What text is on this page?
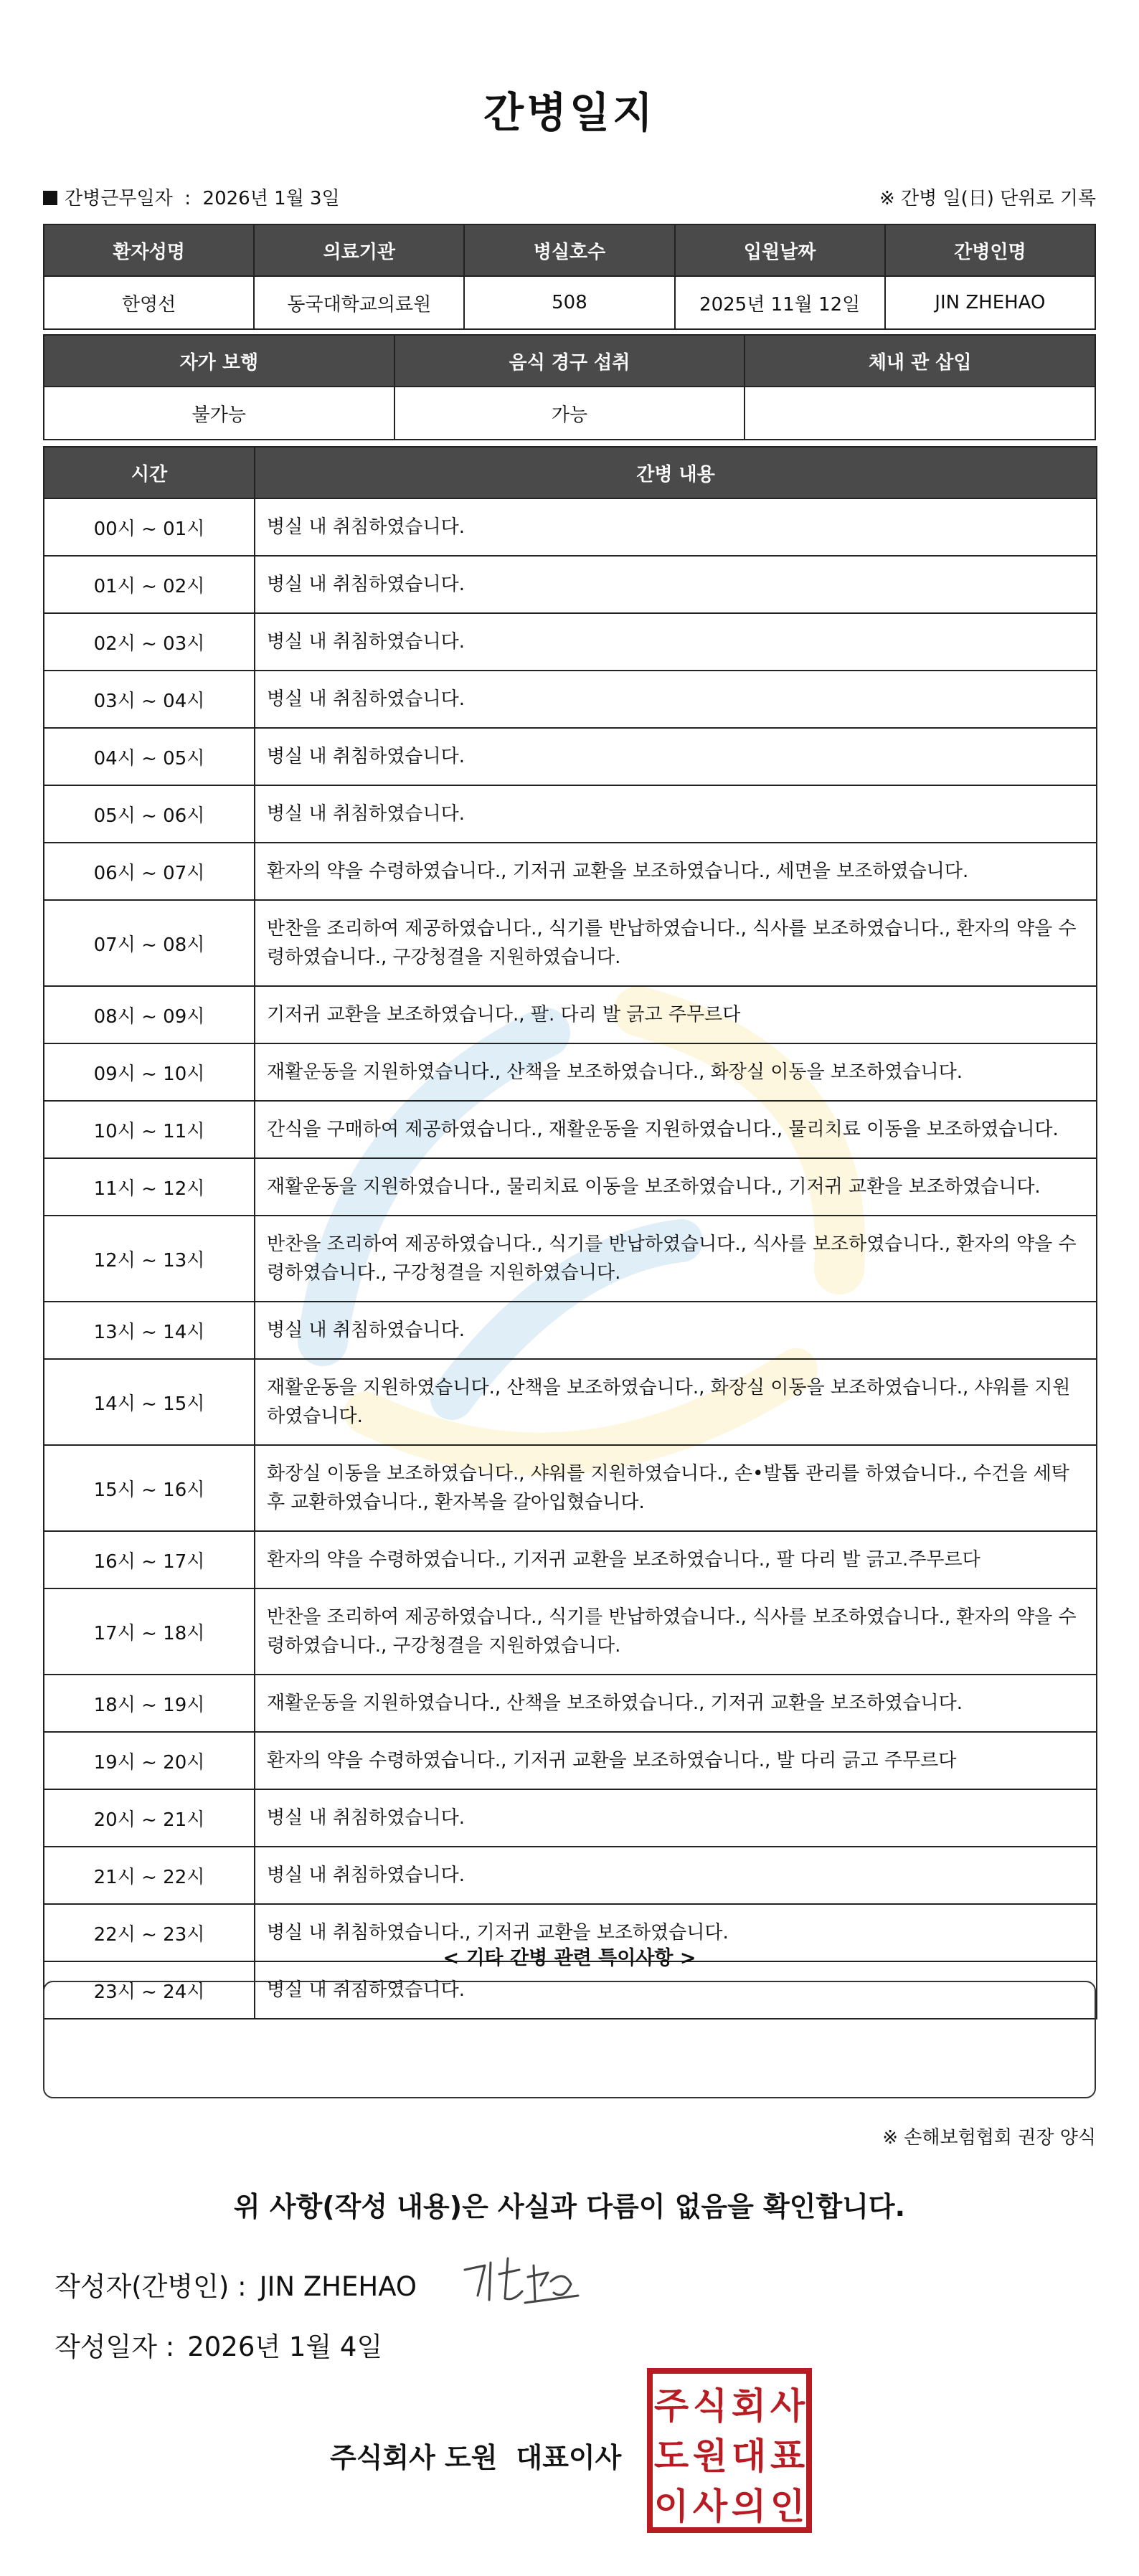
간병일지
간병근무일자  :  2026년 1월 3일	※ 간병 일(日) 단위로 기록
환자성명	의료기관	병실호수	입원날짜	간병인명
한영선	동국대학교의료원	508	2025년 11월 12일	JIN ZHEHAO
자가 보행	음식 경구 섭취	체내 관 삽입
불가능	가능	
시간	간병 내용
00시 ~ 01시	병실 내 취침하였습니다.
01시 ~ 02시	병실 내 취침하였습니다.
02시 ~ 03시	병실 내 취침하였습니다.
03시 ~ 04시	병실 내 취침하였습니다.
04시 ~ 05시	병실 내 취침하였습니다.
05시 ~ 06시	병실 내 취침하였습니다.
06시 ~ 07시	환자의 약을 수령하였습니다., 기저귀 교환을 보조하였습니다., 세면을 보조하였습니다.
07시 ~ 08시	반찬을 조리하여 제공하였습니다., 식기를 반납하였습니다., 식사를 보조하였습니다., 환자의 약을 수령하였습니다., 구강청결을 지원하였습니다.
08시 ~ 09시	기저귀 교환을 보조하였습니다., 팔. 다리 발 긁고 주무르다
09시 ~ 10시	재활운동을 지원하였습니다., 산책을 보조하였습니다., 화장실 이동을 보조하였습니다.
10시 ~ 11시	간식을 구매하여 제공하였습니다., 재활운동을 지원하였습니다., 물리치료 이동을 보조하였습니다.
11시 ~ 12시	재활운동을 지원하였습니다., 물리치료 이동을 보조하였습니다., 기저귀 교환을 보조하였습니다.
12시 ~ 13시	반찬을 조리하여 제공하였습니다., 식기를 반납하였습니다., 식사를 보조하였습니다., 환자의 약을 수령하였습니다., 구강청결을 지원하였습니다.
13시 ~ 14시	병실 내 취침하였습니다.
14시 ~ 15시	재활운동을 지원하였습니다., 산책을 보조하였습니다., 화장실 이동을 보조하였습니다., 샤워를 지원하였습니다.
15시 ~ 16시	화장실 이동을 보조하였습니다., 샤워를 지원하였습니다., 손•발톱 관리를 하였습니다., 수건을 세탁 후 교환하였습니다., 환자복을 갈아입혔습니다.
16시 ~ 17시	환자의 약을 수령하였습니다., 기저귀 교환을 보조하였습니다., 팔 다리 발 긁고.주무르다
17시 ~ 18시	반찬을 조리하여 제공하였습니다., 식기를 반납하였습니다., 식사를 보조하였습니다., 환자의 약을 수령하였습니다., 구강청결을 지원하였습니다.
18시 ~ 19시	재활운동을 지원하였습니다., 산책을 보조하였습니다., 기저귀 교환을 보조하였습니다.
19시 ~ 20시	환자의 약을 수령하였습니다., 기저귀 교환을 보조하였습니다., 발 다리 긁고 주무르다
20시 ~ 21시	병실 내 취침하였습니다.
21시 ~ 22시	병실 내 취침하였습니다.
22시 ~ 23시	병실 내 취침하였습니다., 기저귀 교환을 보조하였습니다.
23시 ~ 24시	병실 내 취침하였습니다.
< 기타 간병 관련 특이사항 >
※ 손해보험협회 권장 양식
위 사항(작성 내용)은 사실과 다름이 없음을 확인합니다.
작성자(간병인) : JIN ZHEHAO
작성일자 : 2026년 1월 4일
주식회사 도원 대표이사
주 식 회 사
도 원 대 표
이 사 의 인
